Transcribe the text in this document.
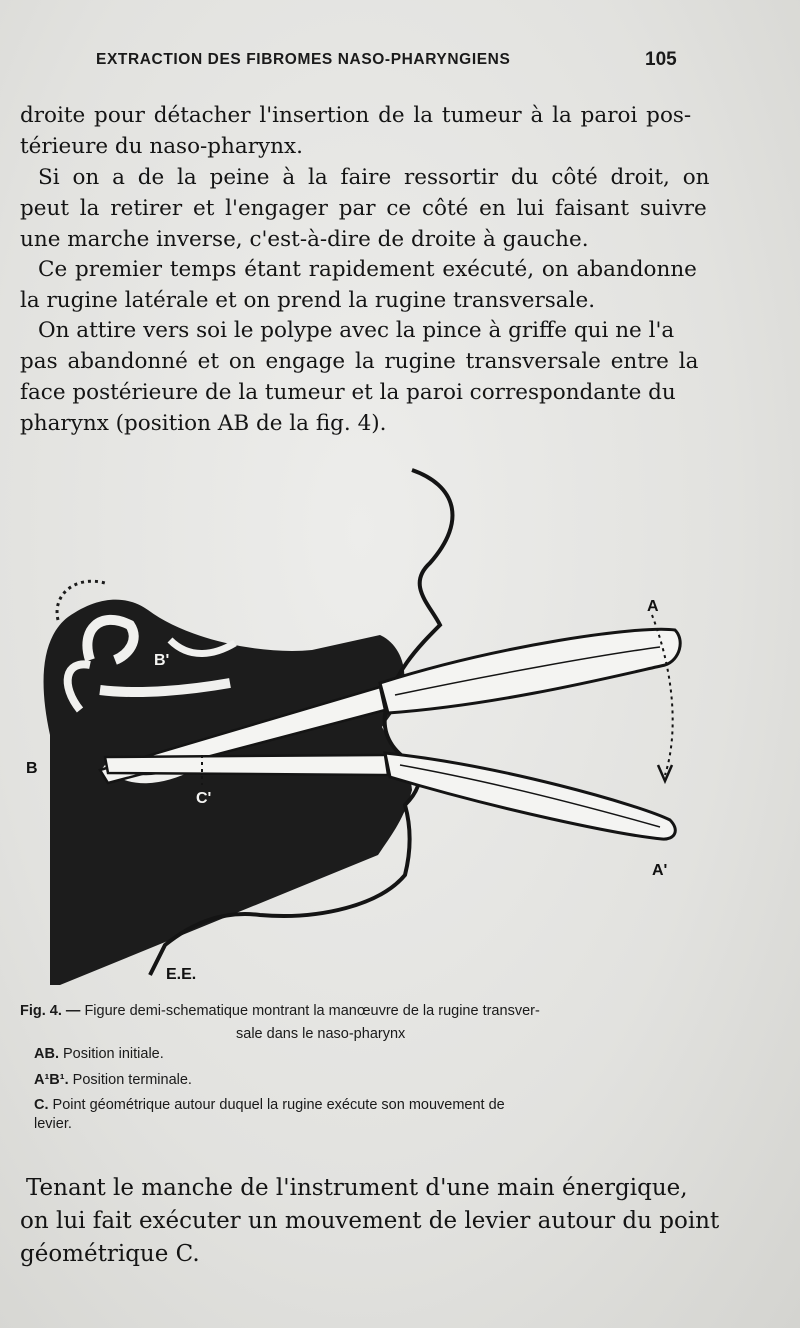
EXTRACTION DES FIBROMES NASO-PHARYNGIENS	105

droite pour détacher l'insertion de la tumeur à la paroi pos-
térieure du naso-pharynx.

Si on a de la peine à la faire ressortir du côté droit, on
peut la retirer et l'engager par ce côté en lui faisant suivre
une marche inverse, c'est-à-dire de droite à gauche.

Ce premier temps étant rapidement exécuté, on abandonne
la rugine latérale et on prend la rugine transversale.

On attire vers soi le polype avec la pince à griffe qui ne l'a
pas abandonné et on engage la rugine transversale entre la
face postérieure de la tumeur et la paroi correspondante du
pharynx (position AB de la fig. 4).

A
A'
B
B'
C'
E.E.
Fig. 4. — Figure demi-schematique montrant la manœuvre de la rugine transver-
sale dans le naso-pharynx
AB. Position initiale.
A¹B¹. Position terminale.
C. Point géométrique autour duquel la rugine exécute son mouvement de
levier.

Tenant le manche de l'instrument d'une main énergique,
on lui fait exécuter un mouvement de levier autour du point
géométrique C.
